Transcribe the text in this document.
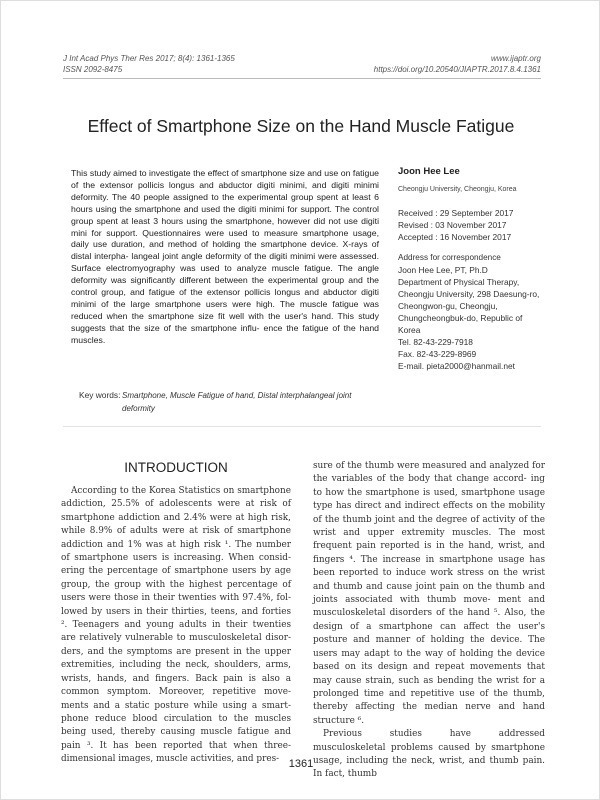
J Int Acad Phys Ther Res 2017; 8(4): 1361-1365
ISSN 2092-8475
www.ijaptr.org
https://doi.org/10.20540/JIAPTR.2017.8.4.1361
Effect of Smartphone Size on the Hand Muscle Fatigue
This study aimed to investigate the effect of smartphone size and use on fatigue of the extensor pollicis longus and abductor digiti minimi, and digiti minimi deformity. The 40 people assigned to the experimental group spent at least 6 hours using the smartphone and used the digiti minimi for support. The control group spent at least 3 hours using the smartphone, however did not use digiti mini for support. Questionnaires were used to measure smartphone usage, daily use duration, and method of holding the smartphone device. X-rays of distal interpha- langeal joint angle deformity of the digiti minimi were assessed. Surface electromyography was used to analyze muscle fatigue. The angle deformity was significantly different between the experimental group and the control group, and fatigue of the extensor pollicis longus and abductor digiti minimi of the large smartphone users were high. The muscle fatigue was reduced when the smartphone size fit well with the user's hand. This study suggests that the size of the smartphone influ- ence the fatigue of the hand muscles.
Joon Hee Lee
Cheongju University, Cheongju, Korea
Received : 29 September 2017
Revised : 03 November 2017
Accepted : 16 November 2017
Address for correspondence
Joon Hee Lee, PT, Ph.D
Department of Physical Therapy,
Cheongju University, 298 Daesung-ro,
Cheongwon-gu, Cheongju,
Chungcheongbuk-do, Republic of
Korea
Tel. 82-43-229-7918
Fax. 82-43-229-8969
E-mail. pieta2000@hanmail.net
Key words: Smartphone, Muscle Fatigue of hand, Distal interphalangeal joint deformity
INTRODUCTION

According to the Korea Statistics on smartphone addiction, 25.5% of adolescents were at risk of smartphone addiction and 2.4% were at high risk, while 8.9% of adults were at risk of smartphone addiction and 1% was at high risk ¹. The number of smartphone users is increasing. When consid- ering the percentage of smartphone users by age group, the group with the highest percentage of users were those in their twenties with 97.4%, fol- lowed by users in their thirties, teens, and forties ². Teenagers and young adults in their twenties are relatively vulnerable to musculoskeletal disor- ders, and the symptoms are present in the upper extremities, including the neck, shoulders, arms, wrists, hands, and fingers. Back pain is also a common symptom. Moreover, repetitive move- ments and a static posture while using a smart- phone reduce blood circulation to the muscles being used, thereby causing muscle fatigue and pain ³. It has been reported that when three- dimensional images, muscle activities, and pres-

sure of the thumb were measured and analyzed for the variables of the body that change accord- ing to how the smartphone is used, smartphone usage type has direct and indirect effects on the mobility of the thumb joint and the degree of activity of the wrist and upper extremity muscles. The most frequent pain reported is in the hand, wrist, and fingers ⁴. The increase in smartphone usage has been reported to induce work stress on the wrist and thumb and cause joint pain on the thumb and joints associated with thumb move- ment and musculoskeletal disorders of the hand ⁵. Also, the design of a smartphone can affect the user's posture and manner of holding the device. The users may adapt to the way of holding the device based on its design and repeat movements that may cause strain, such as bending the wrist for a prolonged time and repetitive use of the thumb, thereby affecting the median nerve and hand structure ⁶.

Previous studies have addressed musculoskeletal problems caused by smartphone usage, including the neck, wrist, and thumb pain. In fact, thumb

1361
